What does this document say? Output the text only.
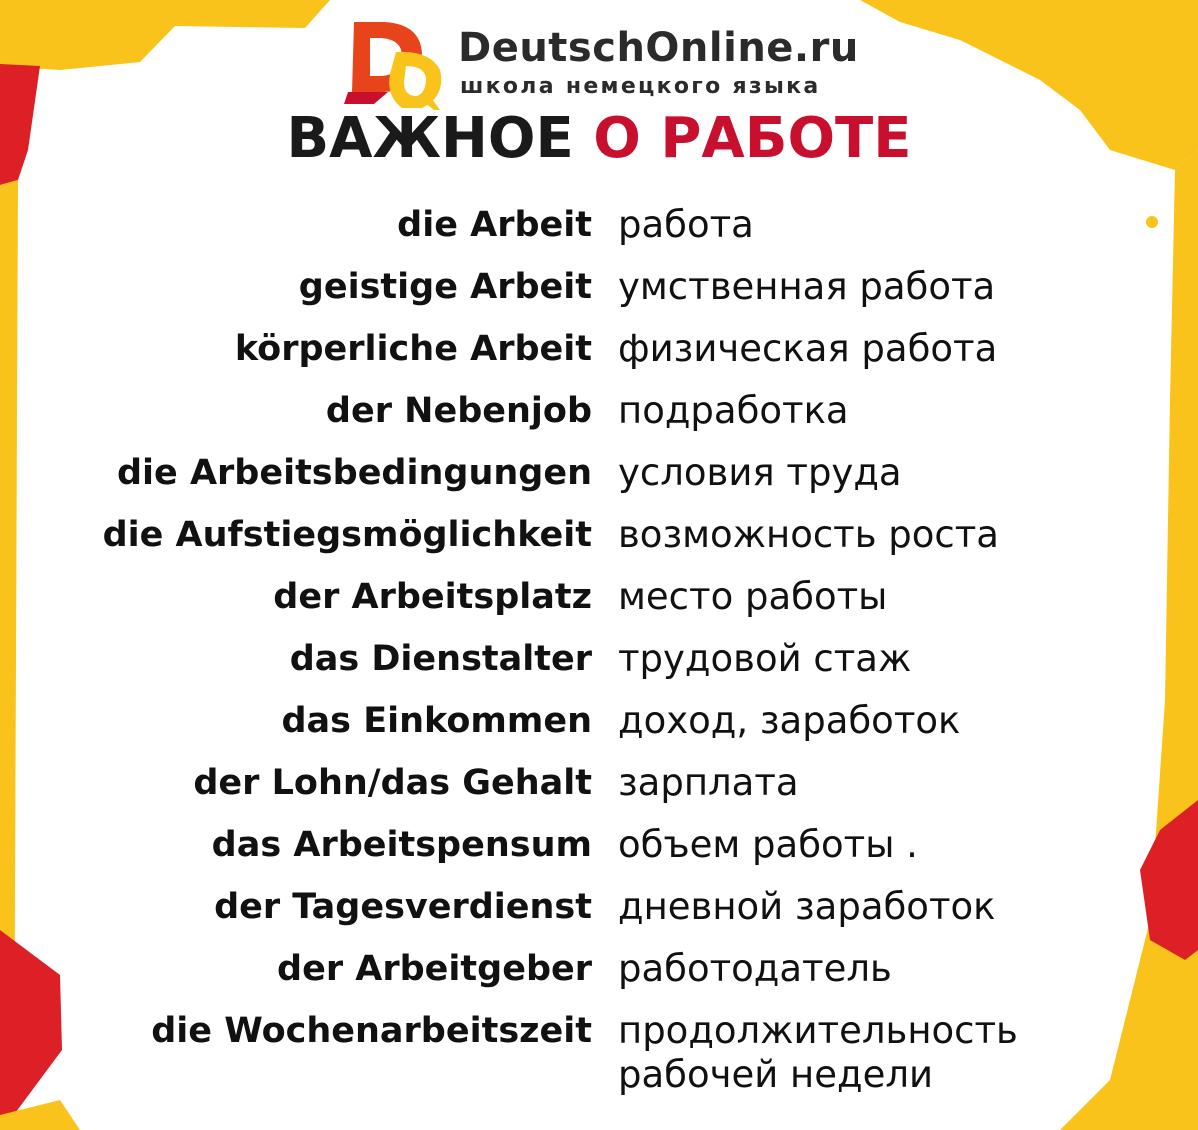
DeutschOnline.ru
школа немецкого языка
ВАЖНОЕ О РАБОТЕ
die Arbeit работа
geistige Arbeit умственная работа
körperliche Arbeit физическая работа
der Nebenjob подработка
die Arbeitsbedingungen условия труда
die Aufstiegsmöglichkeit возможность роста
der Arbeitsplatz место работы
das Dienstalter трудовой стаж
das Einkommen доход, заработок
der Lohn/das Gehalt зарплата
das Arbeitspensum объем работы .
der Tagesverdienst дневной заработок
der Arbeitgeber работодатель
die Wochenarbeitszeit продолжительность
рабочей недели
